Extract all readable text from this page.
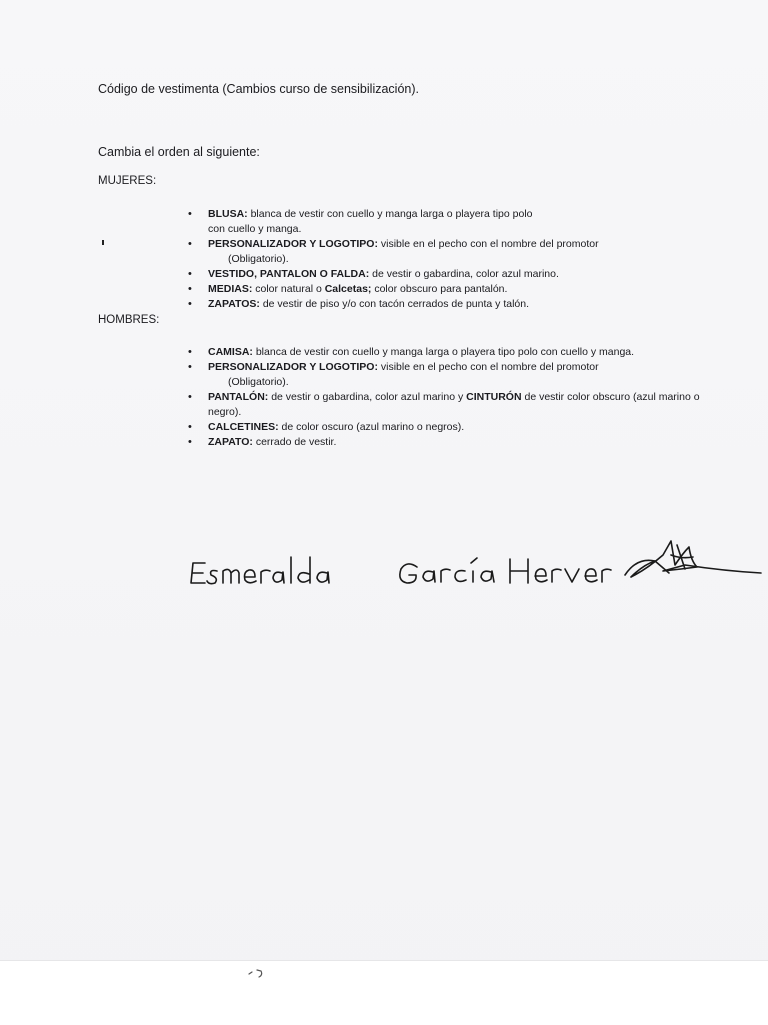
Código de vestimenta (Cambios curso de sensibilización).
Cambia el orden al siguiente:
MUJERES:
• BLUSA: blanca de vestir con cuello y manga larga o playera tipo polo
con cuello y manga.
• PERSONALIZADOR Y LOGOTIPO: visible en el pecho con el nombre del promotor
(Obligatorio).
• VESTIDO, PANTALON O FALDA: de vestir o gabardina, color azul marino.
• MEDIAS: color natural o Calcetas; color obscuro para pantalón.
• ZAPATOS: de vestir de piso y/o con tacón cerrados de punta y talón.
HOMBRES:
• CAMISA: blanca de vestir con cuello y manga larga o playera tipo polo con cuello y manga.
• PERSONALIZADOR Y LOGOTIPO: visible en el pecho con el nombre del promotor
(Obligatorio).
• PANTALÓN: de vestir o gabardina, color azul marino y CINTURÓN de vestir color obscuro (azul marino o negro).
• CALCETINES: de color oscuro (azul marino o negros).
• ZAPATO: cerrado de vestir.
